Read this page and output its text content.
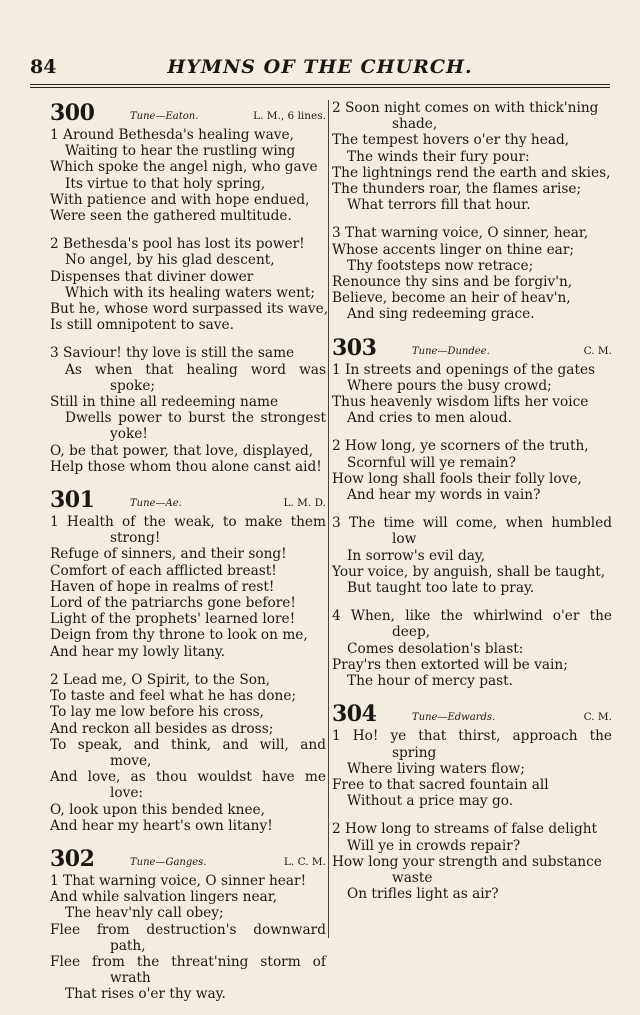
84	HYMNS OF THE CHURCH.
300	Tune—Eaton.	L. M., 6 lines.
1 Around Bethesda's healing wave,
Waiting to hear the rustling wing
Which spoke the angel nigh, who gave
Its virtue to that holy spring,
With patience and with hope endued,
Were seen the gathered multitude.
2 Bethesda's pool has lost its power!
No angel, by his glad descent,
Dispenses that diviner dower
Which with its healing waters went;
But he, whose word surpassed its wave,
Is still omnipotent to save.
3 Saviour! thy love is still the same
As when that healing word was
spoke;
Still in thine all redeeming name
Dwells power to burst the strongest
yoke!
O, be that power, that love, displayed,
Help those whom thou alone canst aid!
301	Tune—Ae.	L. M. D.
1 Health of the weak, to make them
strong!
Refuge of sinners, and their song!
Comfort of each afflicted breast!
Haven of hope in realms of rest!
Lord of the patriarchs gone before!
Light of the prophets' learned lore!
Deign from thy throne to look on me,
And hear my lowly litany.
2 Lead me, O Spirit, to the Son,
To taste and feel what he has done;
To lay me low before his cross,
And reckon all besides as dross;
To speak, and think, and will, and
move,
And love, as thou wouldst have me
love:
O, look upon this bended knee,
And hear my heart's own litany!
302	Tune—Ganges.	L. C. M.
1 That warning voice, O sinner hear!
And while salvation lingers near,
The heav'nly call obey;
Flee from destruction's downward
path,
Flee from the threat'ning storm of
wrath
That rises o'er thy way.
2 Soon night comes on with thick'ning
shade,
The tempest hovers o'er thy head,
The winds their fury pour:
The lightnings rend the earth and skies,
The thunders roar, the flames arise;
What terrors fill that hour.
3 That warning voice, O sinner, hear,
Whose accents linger on thine ear;
Thy footsteps now retrace;
Renounce thy sins and be forgiv'n,
Believe, become an heir of heav'n,
And sing redeeming grace.
303	Tune—Dundee.	C. M.
1 In streets and openings of the gates
Where pours the busy crowd;
Thus heavenly wisdom lifts her voice
And cries to men aloud.
2 How long, ye scorners of the truth,
Scornful will ye remain?
How long shall fools their folly love,
And hear my words in vain?
3 The time will come, when humbled
low
In sorrow's evil day,
Your voice, by anguish, shall be taught,
But taught too late to pray.
4 When, like the whirlwind o'er the
deep,
Comes desolation's blast:
Pray'rs then extorted will be vain;
The hour of mercy past.
304	Tune—Edwards.	C. M.
1 Ho! ye that thirst, approach the
spring
Where living waters flow;
Free to that sacred fountain all
Without a price may go.
2 How long to streams of false delight
Will ye in crowds repair?
How long your strength and substance
waste
On trifles light as air?
